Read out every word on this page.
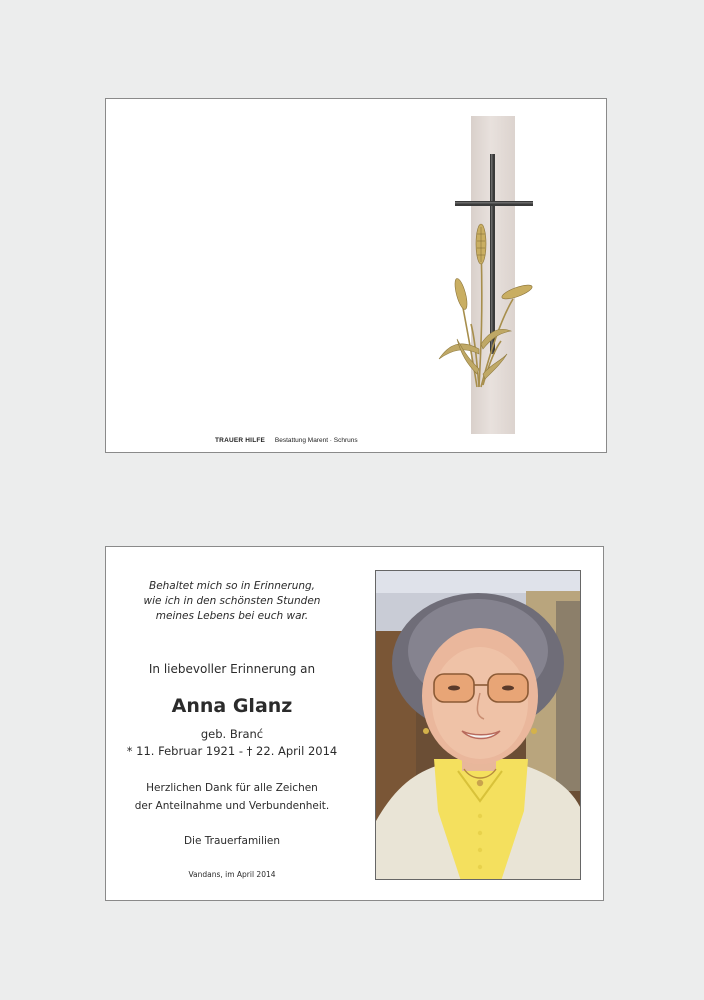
TRAUER HILFE Bestattung Marent · Schruns
Behaltet mich so in Erinnerung,
wie ich in den schönsten Stunden
meines Lebens bei euch war.
In liebevoller Erinnerung an
Anna Glanz
geb. Branć
* 11. Februar 1921 - † 22. April 2014
Herzlichen Dank für alle Zeichen
der Anteilnahme und Verbundenheit.
Die Trauerfamilien
Vandans, im April 2014
